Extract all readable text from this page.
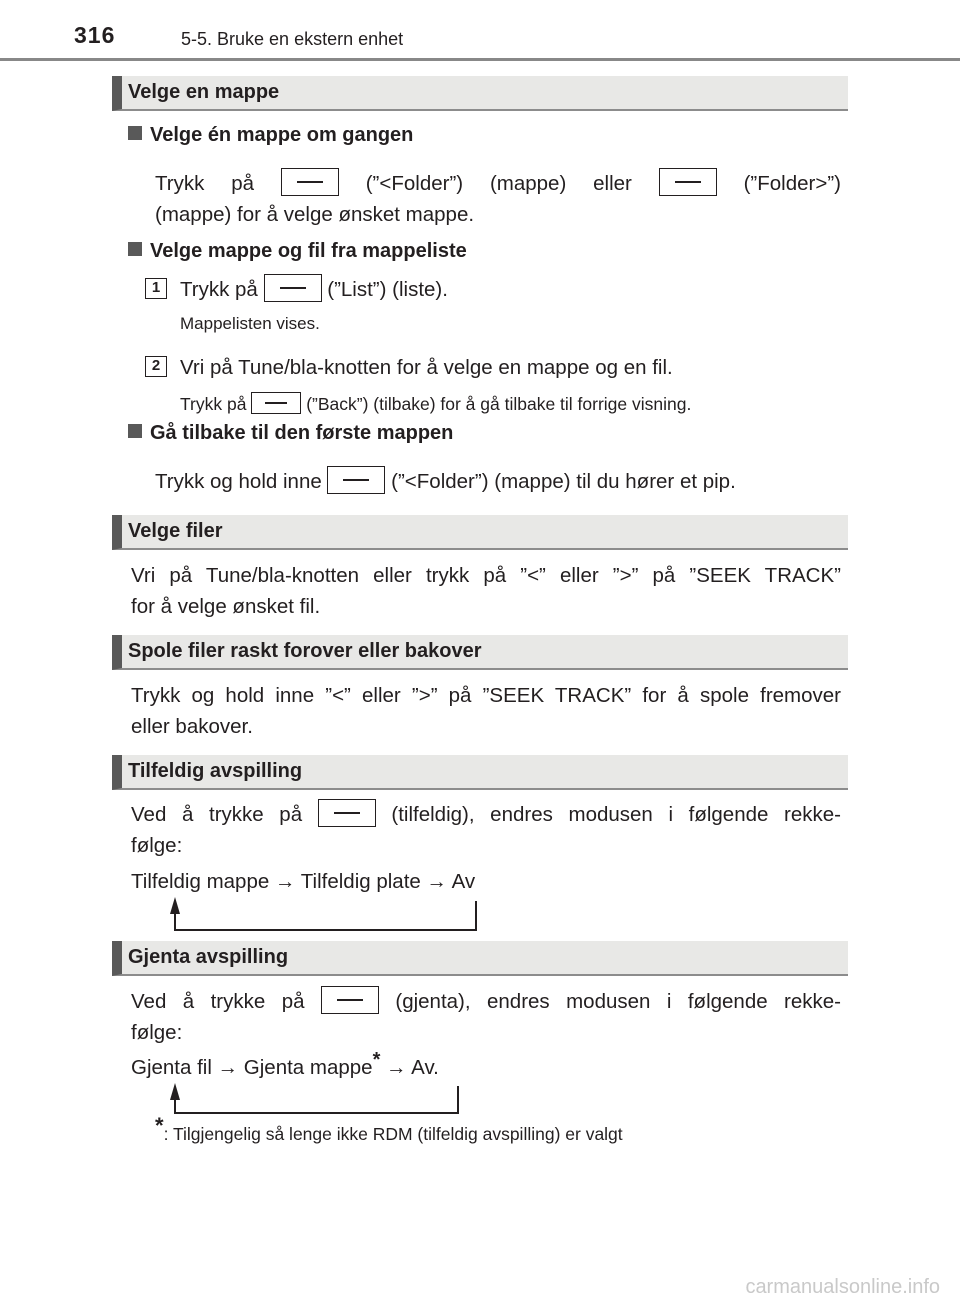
316	5-5. Bruke en ekstern enhet
Velge en mappe
Velge én mappe om gangen
Trykk på	(”<Folder”) (mappe) eller	(”Folder>”)
(mappe) for å velge ønsket mappe.
Velge mappe og fil fra mappeliste
1 Trykk på	(”List”) (liste).
Mappelisten vises.
2 Vri på Tune/bla-knotten for å velge en mappe og en fil.
Trykk på	(”Back”) (tilbake) for å gå tilbake til forrige visning.
Gå tilbake til den første mappen
Trykk og hold inne	(”<Folder”) (mappe) til du hører et pip.
Velge filer
Vri på Tune/bla-knotten eller trykk på ”<” eller ”>” på ”SEEK TRACK”
for å velge ønsket fil.
Spole filer raskt forover eller bakover
Trykk og hold inne ”<” eller ”>” på ”SEEK TRACK” for å spole fremover
eller bakover.
Tilfeldig avspilling
Ved å trykke på	(tilfeldig), endres modusen i følgende rekke-
følge:
Tilfeldig mappe → Tilfeldig plate → Av
Gjenta avspilling
Ved å trykke på	(gjenta), endres modusen i følgende rekke-
følge:
Gjenta fil → Gjenta mappe* → Av.
*: Tilgjengelig så lenge ikke RDM (tilfeldig avspilling) er valgt
carmanualsonline.info
